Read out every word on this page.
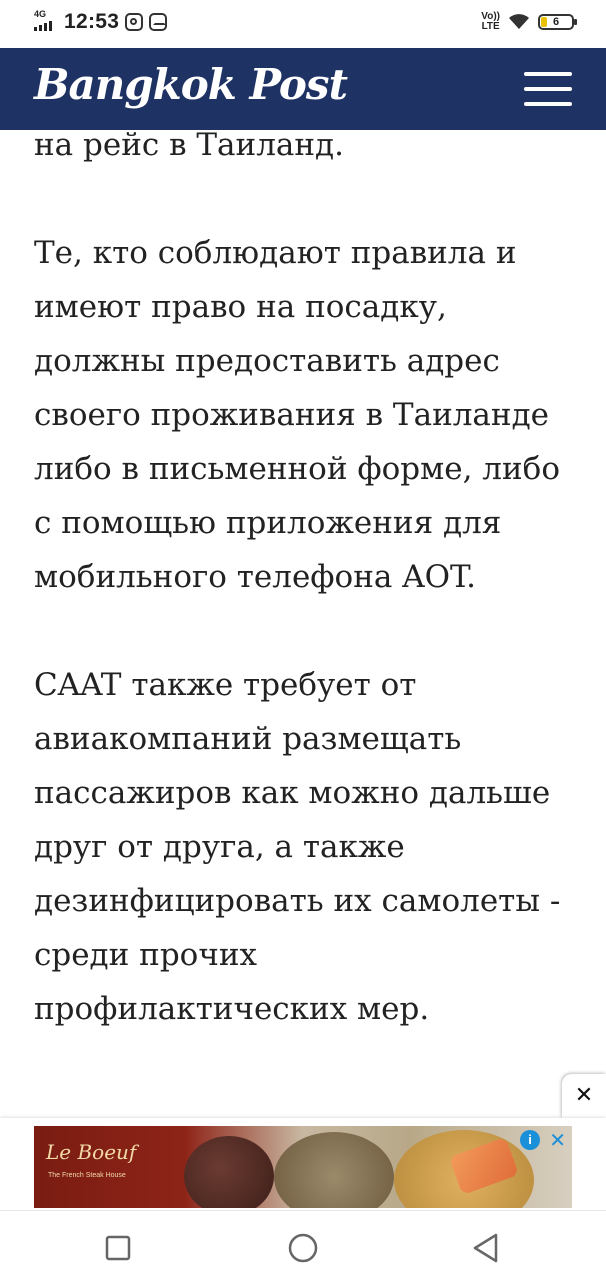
4G 12:53	Vo))
LTE	6
Bangkok Post

на рейс в Таиланд.

Те, кто соблюдают правила и имеют право на посадку, должны предоставить адрес своего проживания в Таиланде либо в письменной форме, либо с помощью приложения для мобильного телефона AOT.

CAAT также требует от авиакомпаний размещать пассажиров как можно дальше друг от друга, а также дезинфицировать их самолеты - среди прочих профилактических мер.

✕
Le Boeuf
The French Steak House
i ✕
